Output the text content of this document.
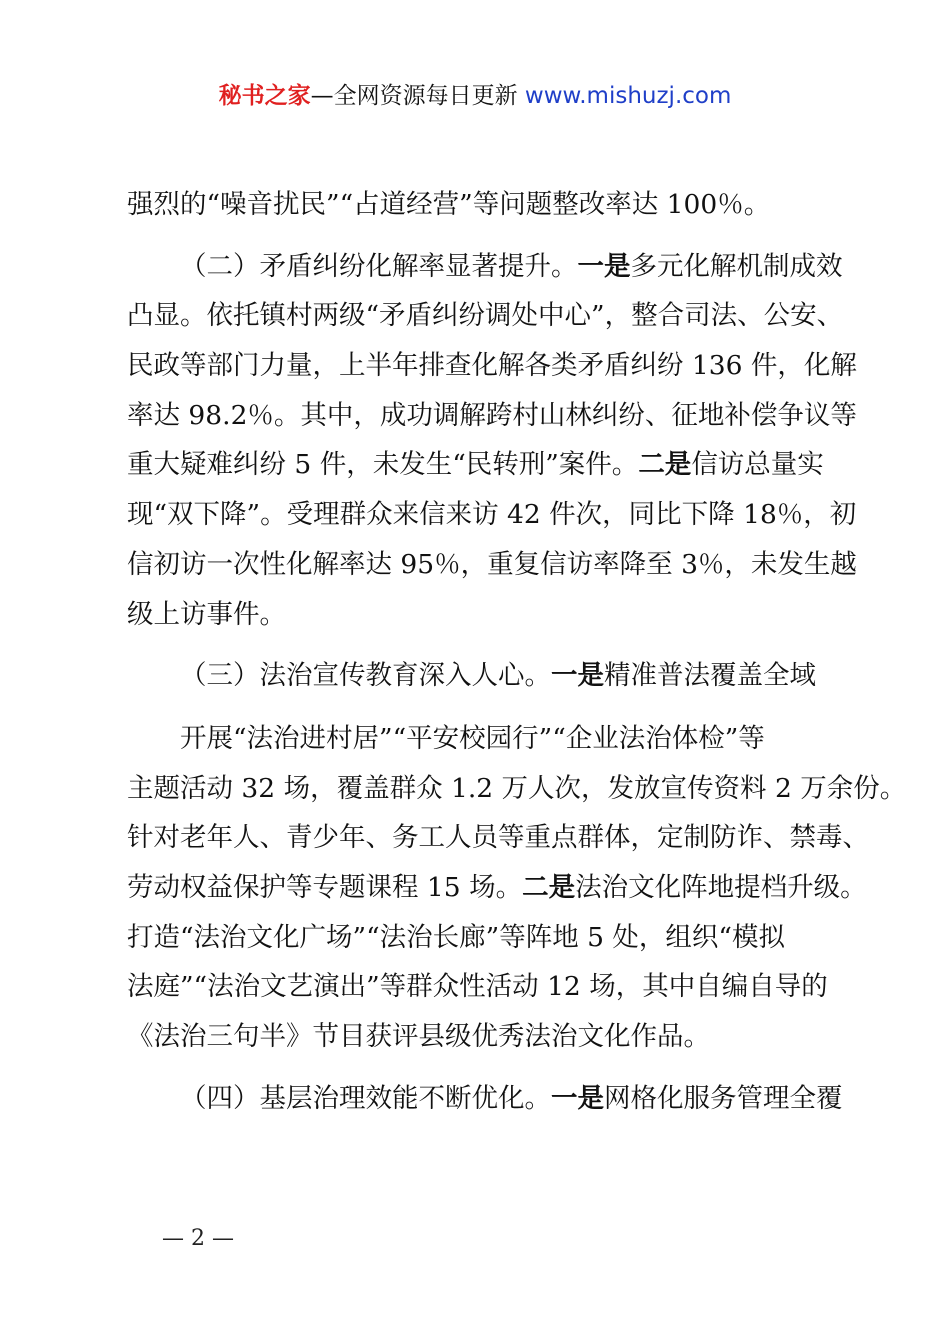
秘书之家—全网资源每日更新 www.mishuzj.com
强烈的“噪音扰民”“占道经营”等问题整改率达 100％。
（二）矛盾纠纷化解率显著提升。一是多元化解机制成效
凸显。依托镇村两级“矛盾纠纷调处中心”，整合司法、公安、
民政等部门力量，上半年排查化解各类矛盾纠纷 136 件，化解
率达 98.2％。其中，成功调解跨村山林纠纷、征地补偿争议等
重大疑难纠纷 5 件，未发生“民转刑”案件。二是信访总量实
现“双下降”。受理群众来信来访 42 件次，同比下降 18％，初
信初访一次性化解率达 95％，重复信访率降至 3％，未发生越
级上访事件。
（三）法治宣传教育深入人心。一是精准普法覆盖全域
开展“法治进村居”“平安校园行”“企业法治体检”等
主题活动 32 场，覆盖群众 1.2 万人次，发放宣传资料 2 万余份。
针对老年人、青少年、务工人员等重点群体，定制防诈、禁毒、
劳动权益保护等专题课程 15 场。二是法治文化阵地提档升级。
打造“法治文化广场”“法治长廊”等阵地 5 处，组织“模拟
法庭”“法治文艺演出”等群众性活动 12 场，其中自编自导的
《法治三句半》节目获评县级优秀法治文化作品。
（四）基层治理效能不断优化。一是网格化服务管理全覆
— 2 —
